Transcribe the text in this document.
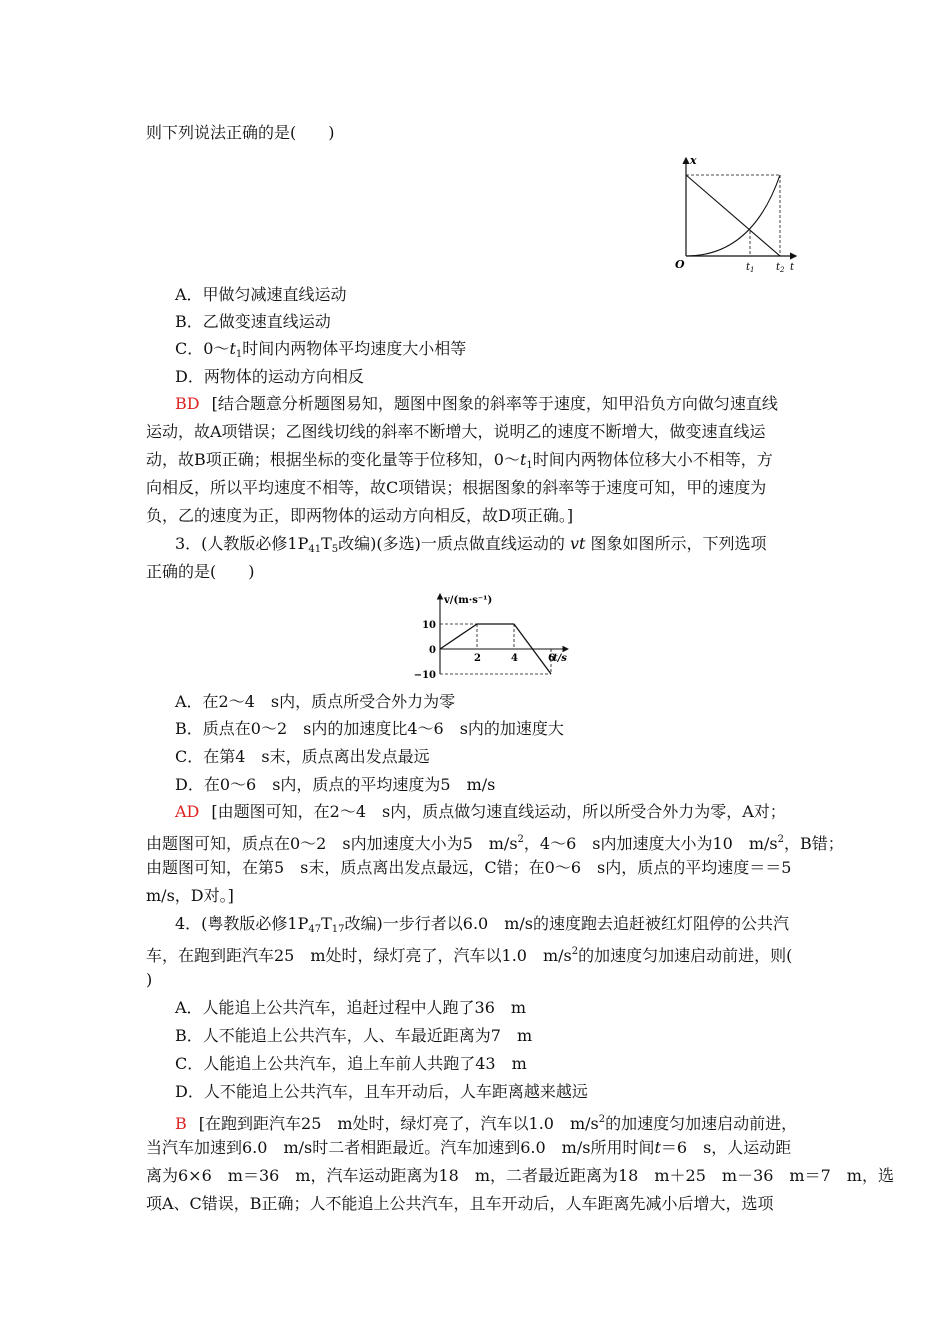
则下列说法正确的是(　　)
x
O	$t_1$ $t_2$ t
A．甲做匀减速直线运动
B．乙做变速直线运动
C．$0\sim t_1$时间内两物体平均速度大小相等
D．两物体的运动方向相反
BD [结合题意分析题图易知，题图中图象的斜率等于速度，知甲沿负方向做匀速直线
运动，故A项错误；乙图线切线的斜率不断增大，说明乙的速度不断增大，做变速直线运
动，故B项正确；根据坐标的变化量等于位移知，$0\sim t_1$时间内两物体位移大小不相等，方
向相反，所以平均速度不相等，故C项错误；根据图象的斜率等于速度可知，甲的速度为
负，乙的速度为正，即两物体的运动方向相反，故D项正确。]
3．(人教版必修$1P_{41}T_5$改编)(多选)一质点做直线运动的 vt 图象如图所示，下列选项
正确的是(　　)
v/(m·s⁻¹)
t/s
2	4	6
10
0
−10
A．在2～4　s内，质点所受合外力为零
B．质点在0～2　s内的加速度比4～6　s内的加速度大
C．在第4　s末，质点离出发点最远
D．在0～6　s内，质点的平均速度为5　m/s
AD [由题图可知，在2～4　s内，质点做匀速直线运动，所以所受合外力为零，A对；
由题图可知，质点在0～2　s内加速度大小为5　$m/s^2$，4～6　s内加速度大小为10　$m/s^2$，B错；
由题图可知，在第5　s末，质点离出发点最远，C错；在0～6　s内，质点的平均速度＝＝5
m/s，D对。]
4．(粤教版必修$1P_{47}T_{17}$改编)一步行者以6.0　m/s的速度跑去追赶被红灯阻停的公共汽
车，在跑到距汽车25　m处时，绿灯亮了，汽车以1.0　$m/s^2$的加速度匀加速启动前进，则(
)
A．人能追上公共汽车，追赶过程中人跑了36　m
B．人不能追上公共汽车，人、车最近距离为7　m
C．人能追上公共汽车，追上车前人共跑了43　m
D．人不能追上公共汽车，且车开动后，人车距离越来越远
B [在跑到距汽车25　m处时，绿灯亮了，汽车以1.0　$m/s^2$的加速度匀加速启动前进，
当汽车加速到6.0　m/s时二者相距最近。汽车加速到6.0　m/s所用时间t＝6　s，人运动距
离为6×6　m＝36　m，汽车运动距离为18　m，二者最近距离为18　m＋25　m－36　m＝7　m，选
项A、C错误，B正确；人不能追上公共汽车，且车开动后，人车距离先减小后增大，选项
